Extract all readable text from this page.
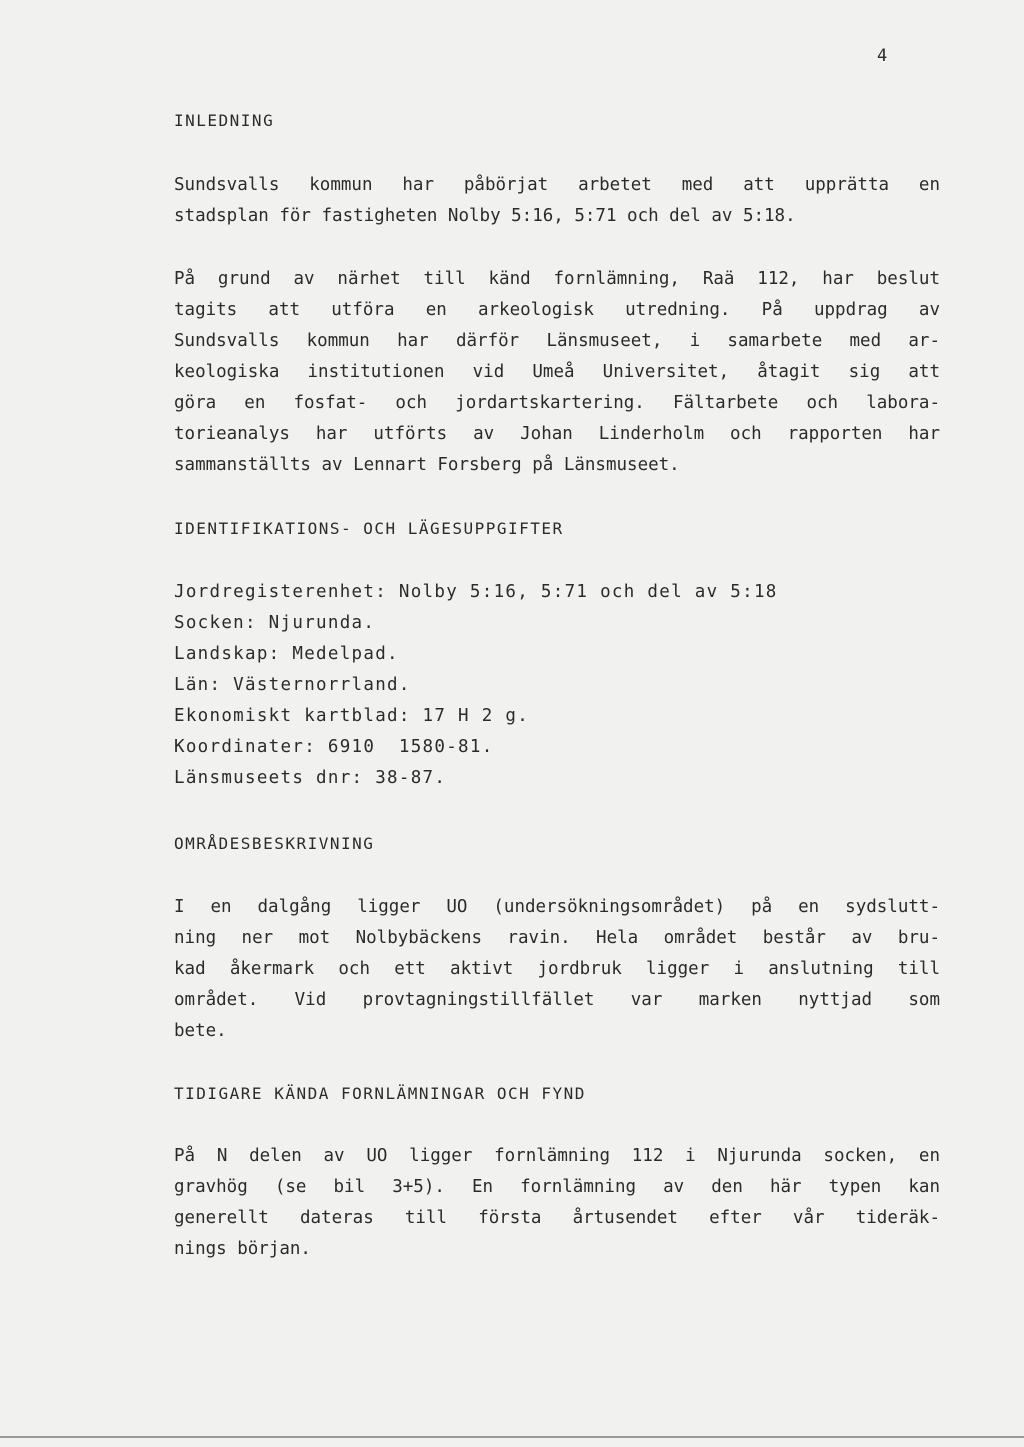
4
INLEDNING
Sundsvalls kommun har påbörjat arbetet med att upprätta en
stadsplan för fastigheten Nolby 5:16, 5:71 och del av 5:18.
På grund av närhet till känd fornlämning, Raä 112, har beslut
tagits att utföra en arkeologisk utredning. På uppdrag av
Sundsvalls kommun har därför Länsmuseet, i samarbete med ar-
keologiska institutionen vid Umeå Universitet, åtagit sig att
göra en fosfat- och jordartskartering. Fältarbete och labora-
torieanalys har utförts av Johan Linderholm och rapporten har
sammanställts av Lennart Forsberg på Länsmuseet.
IDENTIFIKATIONS- OCH LÄGESUPPGIFTER
Jordregisterenhet: Nolby 5:16, 5:71 och del av 5:18
Socken: Njurunda.
Landskap: Medelpad.
Län: Västernorrland.
Ekonomiskt kartblad: 17 H 2 g.
Koordinater: 6910  1580-81.
Länsmuseets dnr: 38-87.
OMRÅDESBESKRIVNING
I en dalgång ligger UO (undersökningsområdet) på en sydslutt-
ning ner mot Nolbybäckens ravin. Hela området består av bru-
kad åkermark och ett aktivt jordbruk ligger i anslutning till
området. Vid provtagningstillfället var marken nyttjad som
bete.
TIDIGARE KÄNDA FORNLÄMNINGAR OCH FYND
På N delen av UO ligger fornlämning 112 i Njurunda socken, en
gravhög (se bil 3+5). En fornlämning av den här typen kan
generellt dateras till första årtusendet efter vår tideräk-
nings början.
